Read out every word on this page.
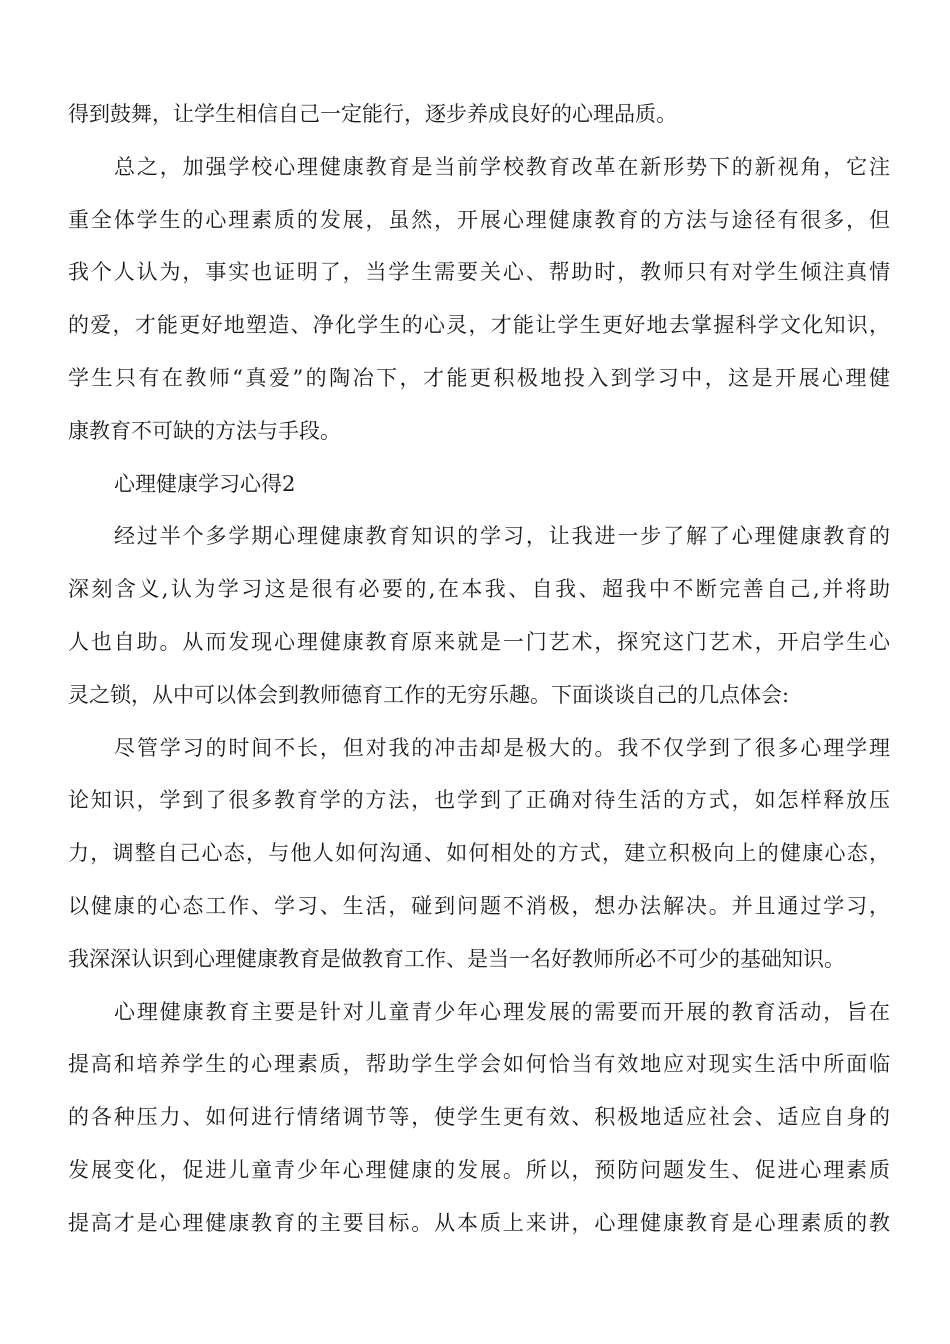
得到鼓舞，让学生相信自己一定能行，逐步养成良好的心理品质。
总之，加强学校心理健康教育是当前学校教育改革在新形势下的新视角，它注
重全体学生的心理素质的发展，虽然，开展心理健康教育的方法与途径有很多，但
我个人认为，事实也证明了，当学生需要关心、帮助时，教师只有对学生倾注真情
的爱，才能更好地塑造、净化学生的心灵，才能让学生更好地去掌握科学文化知识，
学生只有在教师“真爱”的陶冶下，才能更积极地投入到学习中，这是开展心理健
康教育不可缺的方法与手段。
心理健康学习心得2
经过半个多学期心理健康教育知识的学习，让我进一步了解了心理健康教育的
深刻含义,认为学习这是很有必要的,在本我、自我、超我中不断完善自己,并将助
人也自助。从而发现心理健康教育原来就是一门艺术，探究这门艺术，开启学生心
灵之锁，从中可以体会到教师德育工作的无穷乐趣。下面谈谈自己的几点体会:
尽管学习的时间不长，但对我的冲击却是极大的。我不仅学到了很多心理学理
论知识，学到了很多教育学的方法，也学到了正确对待生活的方式，如怎样释放压
力，调整自己心态，与他人如何沟通、如何相处的方式，建立积极向上的健康心态，
以健康的心态工作、学习、生活，碰到问题不消极，想办法解决。并且通过学习，
我深深认识到心理健康教育是做教育工作、是当一名好教师所必不可少的基础知识。
心理健康教育主要是针对儿童青少年心理发展的需要而开展的教育活动，旨在
提高和培养学生的心理素质，帮助学生学会如何恰当有效地应对现实生活中所面临
的各种压力、如何进行情绪调节等，使学生更有效、积极地适应社会、适应自身的
发展变化，促进儿童青少年心理健康的发展。所以，预防问题发生、促进心理素质
提高才是心理健康教育的主要目标。从本质上来讲，心理健康教育是心理素质的教
